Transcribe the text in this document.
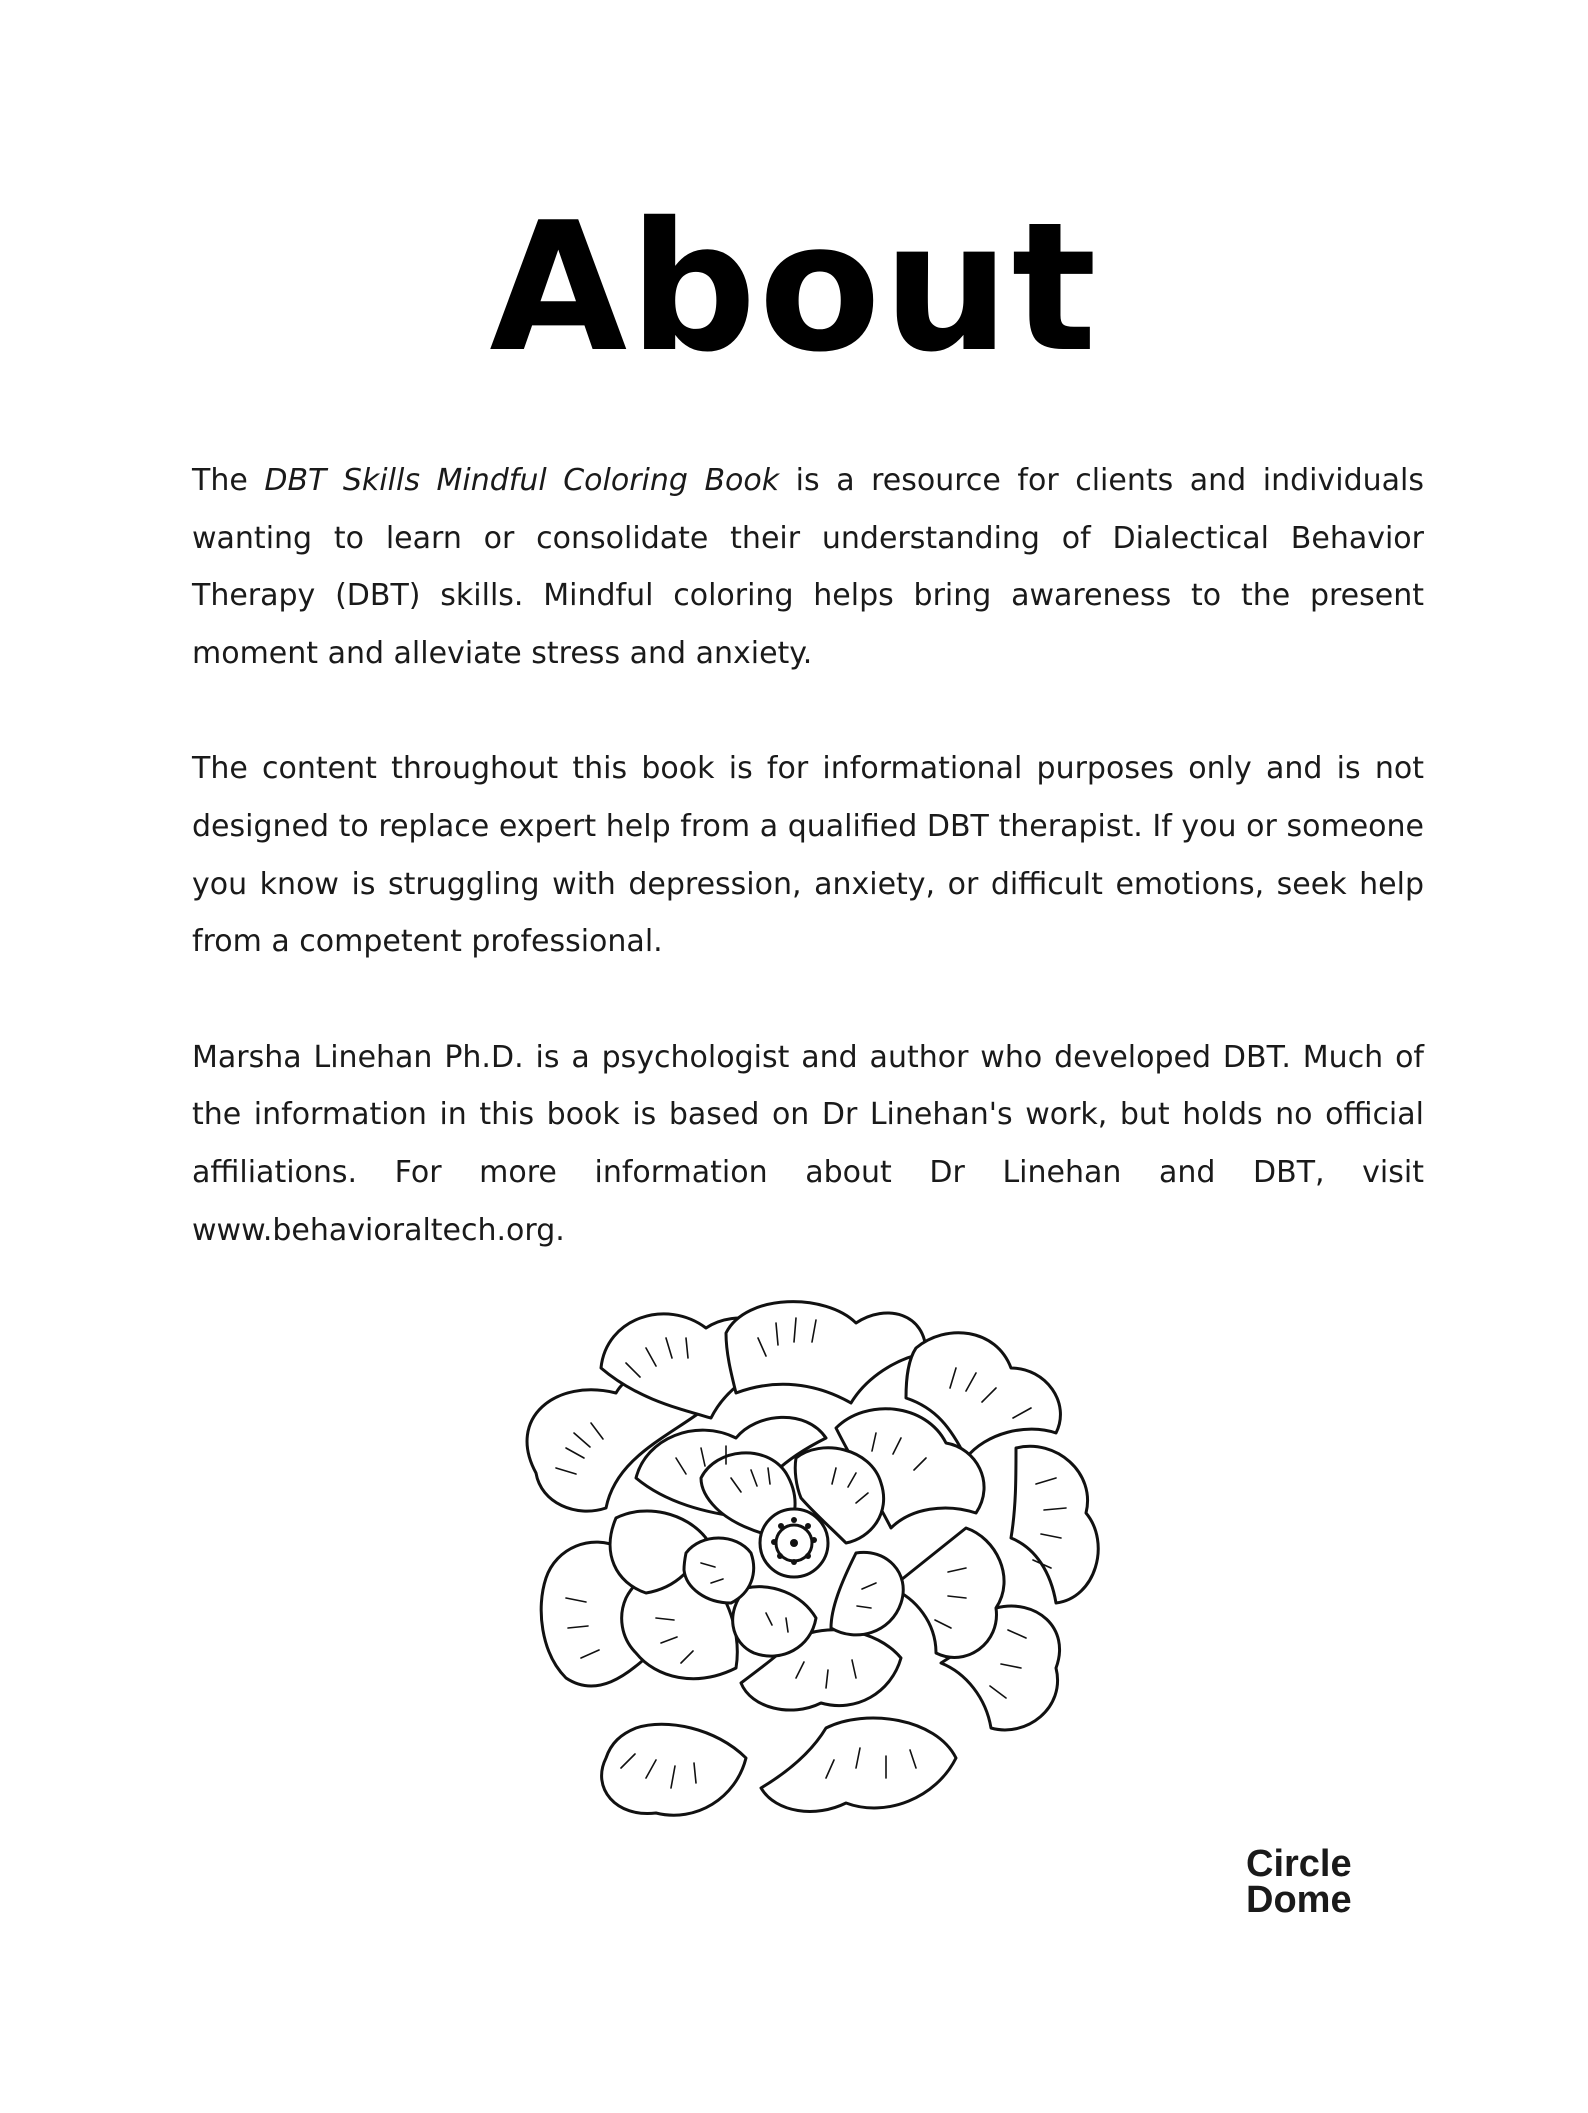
About

The DBT Skills Mindful Coloring Book is a resource for clients and individuals wanting to learn or consolidate their understanding of Dialectical Behavior Therapy (DBT) skills. Mindful coloring helps bring awareness to the present moment and alleviate stress and anxiety.

The content throughout this book is for informational purposes only and is not designed to replace expert help from a qualified DBT therapist. If you or someone you know is struggling with depression, anxiety, or difficult emotions, seek help from a competent professional.

Marsha Linehan Ph.D. is a psychologist and author who developed DBT. Much of the information in this book is based on Dr Linehan's work, but holds no official affiliations. For more information about Dr Linehan and DBT, visit www.behavioraltech.org.

Circle
Dome
